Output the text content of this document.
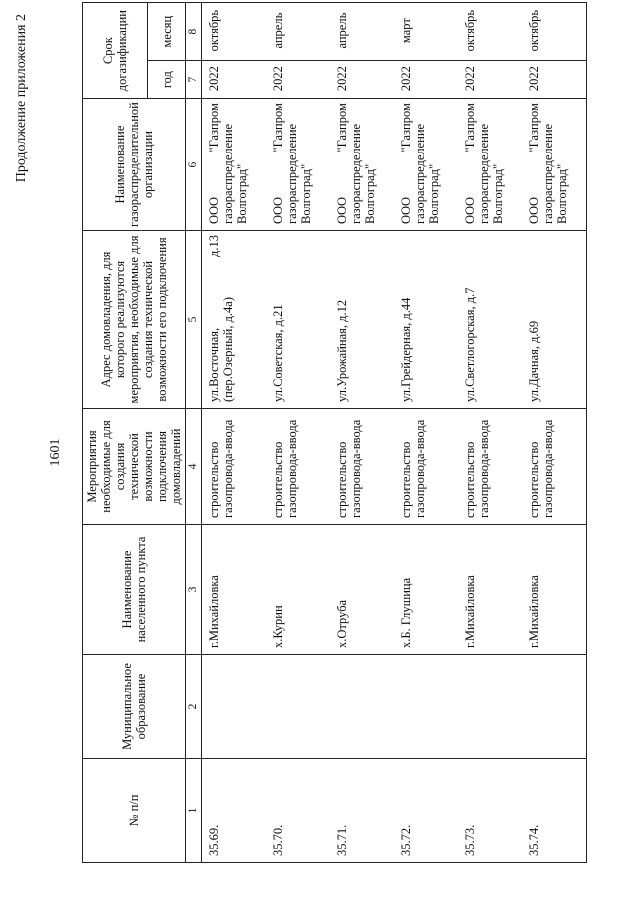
1601
Продолжение приложения 2
№ п/п	Муниципальное образование	Наименование населенного пункта	Мероприятия необходимые для создания технической возможности подключения домовладений	Адрес домовладения, для которого реализуются мероприятия, необходимые для создания технической возможности его подключения	Наименование газораспределительной организации	Срок догазификации	
						год	месяц
1	2	3	4	5	6	7	8
35.69.		г.Михайловка	строительство газопровода-ввода	ул.Восточная, д.13 (пер.Озерный, д.4а)	ООО "Газпром газораспределение Волгоград"	2022	октябрь
35.70.		х.Курин	строительство газопровода-ввода	ул.Советская, д.21	ООО "Газпром газораспределение Волгоград"	2022	апрель
35.71.		х.Отруба	строительство газопровода-ввода	ул.Урожайная, д.12	ООО "Газпром газораспределение Волгоград"	2022	апрель
35.72.		х.Б. Глушица	строительство газопровода-ввода	ул.Грейдерная, д.44	ООО "Газпром газораспределение Волгоград"	2022	март
35.73.		г.Михайловка	строительство газопровода-ввода	ул.Светлогорская, д.7	ООО "Газпром газораспределение Волгоград"	2022	октябрь
35.74.		г.Михайловка	строительство газопровода-ввода	ул.Дачная, д.69	ООО "Газпром газораспределение Волгоград"	2022	октябрь
